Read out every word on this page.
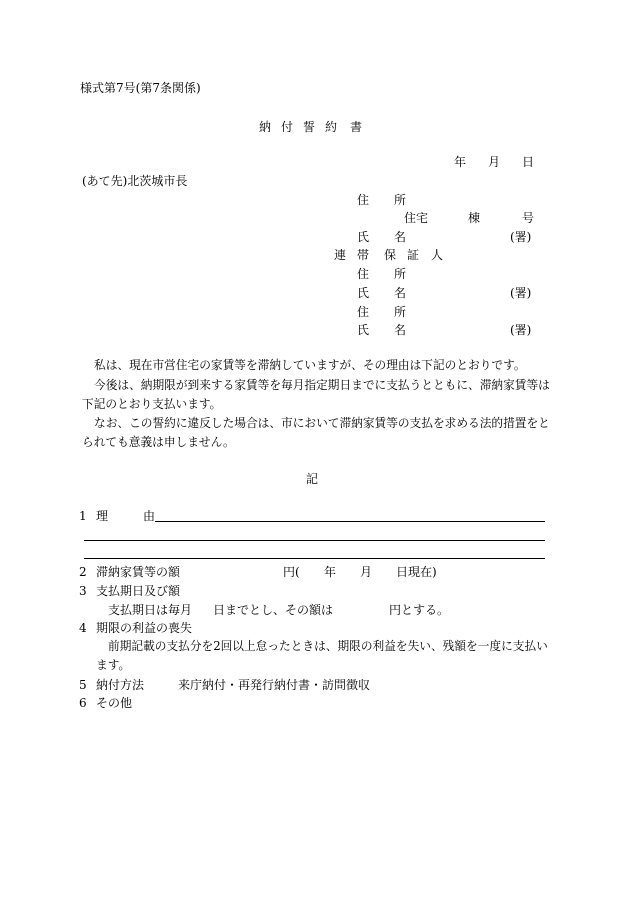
様式第7号(第7条関係)
納 付 誓 約 書
年 月 日
(あて先)北茨城市長
住 所
住宅	棟	号
氏 名	(署)
連 帯 保 証 人
住 所
氏 名	(署)
住 所
氏 名	(署)
私は、現在市営住宅の家賃等を滞納していますが、その理由は下記のとおりです。
今後は、納期限が到来する家賃等を毎月指定期日までに支払うとともに、滞納家賃等は
下記のとおり支払います。
なお、この誓約に違反した場合は、市において滞納家賃等の支払を求める法的措置をと
られても意義は申しません。
記
1 理	由
2 滞納家賃等の額	円( 年 月 日現在)
3 支払期日及び額
支払期日は毎月 日までとし、その額は	円とする。
4 期限の利益の喪失
前期記載の支払分を2回以上怠ったときは、期限の利益を失い、残額を一度に支払い
ます。
5 納付方法	来庁納付・再発行納付書・訪問徴収
6 その他
